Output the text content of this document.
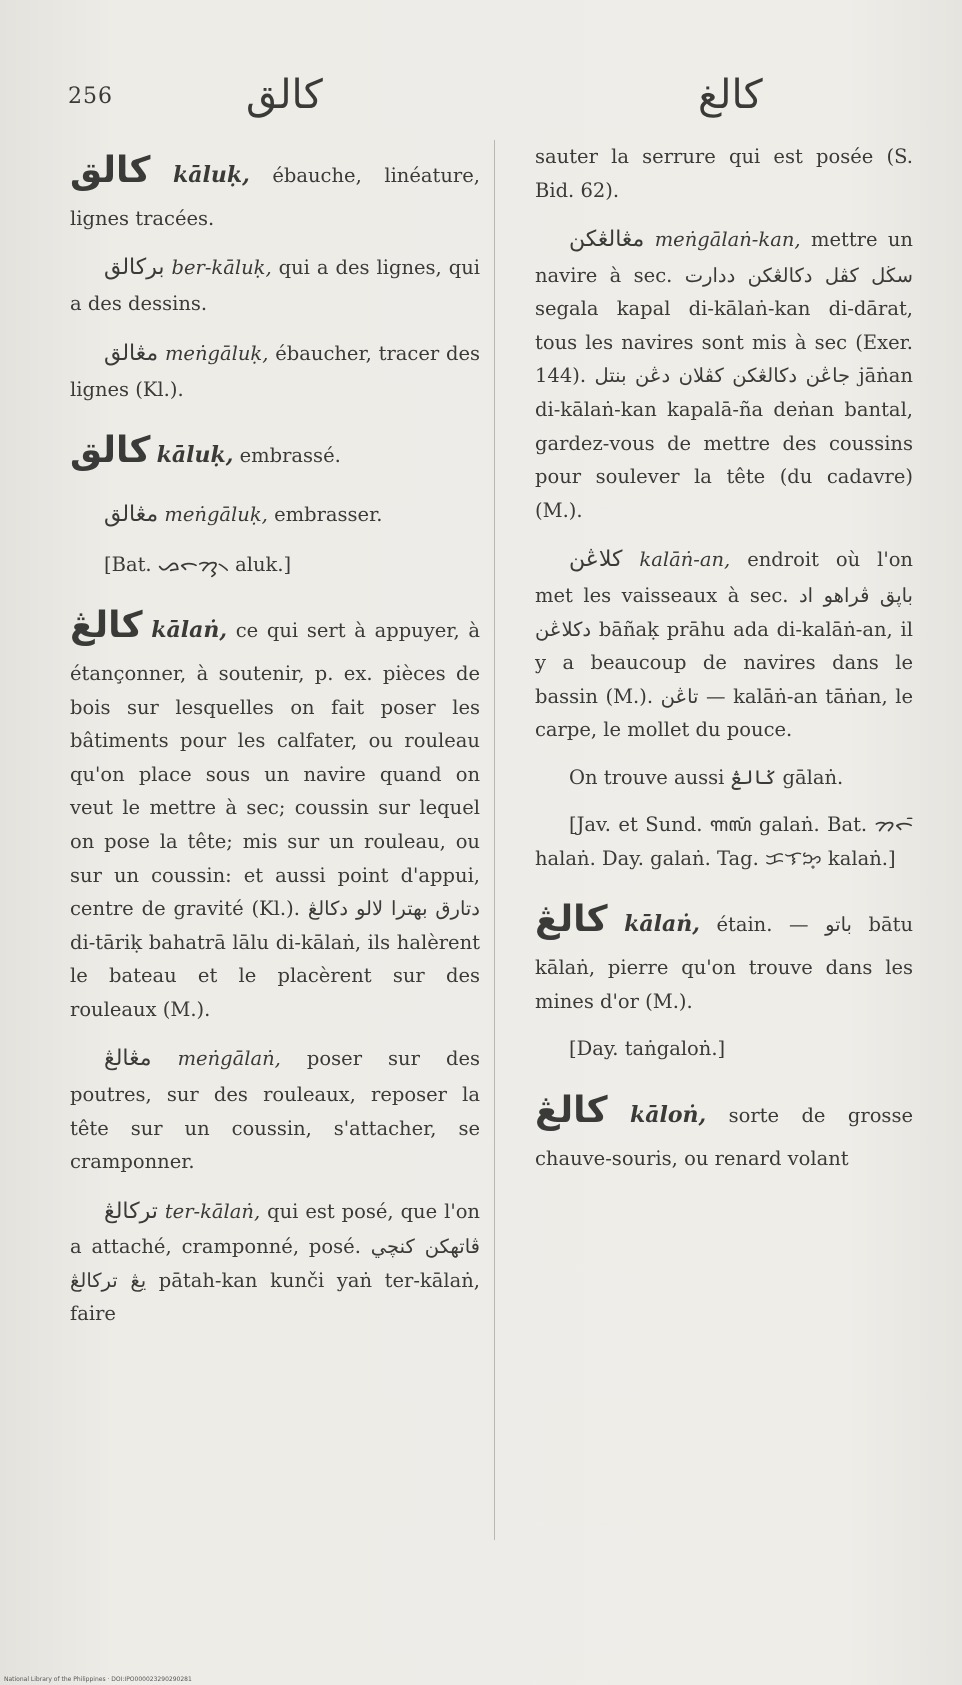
256	كالق	كالغ

كالق kāluḳ, ébauche, linéature, lignes tracées.

بركالق ber-kāluḳ, qui a des lignes, qui a des dessins.

مڠالق meṅgāluḳ, ébaucher, tracer des lignes (Kl.).

كالق kāluḳ, embrassé.

مڠالق meṅgāluḳ, embrasser.

[Bat. ᯀᯞᯮᯂ᯲ aluk.]

كالڠ kālaṅ, ce qui sert à appuyer, à étançonner, à soutenir, p. ex. pièces de bois sur lesquelles on fait poser les bâtiments pour les calfater, ou rouleau qu'on place sous un navire quand on veut le mettre à sec; coussin sur lequel on pose la tête; mis sur un rouleau, ou sur un coussin: et aussi point d'appui, centre de gravité (Kl.). دتارق بهترا لالو دكالڠ di-tāriḳ bahatrā lālu di-kālaṅ, ils halèrent le bateau et le placèrent sur des rouleaux (M.).

مڠالڠ meṅgālaṅ, poser sur des poutres, sur des rouleaux, reposer la tête sur un coussin, s'attacher, se cramponner.

تركالڠ ter-kālaṅ, qui est posé, que l'on a attaché, cramponné, posé. ڤاتهكن كنچي يڠ تركالڠ pātah-kan kunči yaṅ ter-kālaṅ, faire

sauter la serrure qui est posée (S. Bid. 62).

مڠالڠكن meṅgālaṅ-kan, mettre un navire à sec. سڬل كڤل دكالڠكن ددارت segala kapal di-kālaṅ-kan di-dārat, tous les navires sont mis à sec (Exer. 144). جاڠن دكالڠكن كڤلان دڠن بنتل jāṅan di-kālaṅ-kan kapalā-ña deṅan bantal, gardez-vous de mettre des coussins pour soulever la tête (du cadavre) (M.).

كلاڠن kalāṅ-an, endroit où l'on met les vaisseaux à sec. باپق ڤراهو اد دكلاڠن bāñaḳ prāhu ada di-kalāṅ-an, il y a beaucoup de navires dans le bassin (M.). تاڠن — kalāṅ-an tāṅan, le carpe, le mollet du pouce.

On trouve aussi ݢالڠ gālaṅ.

[Jav. et Sund. ꦒꦭꦁ galaṅ. Bat. ᯂᯞᯰ halaṅ. Day. galaṅ. Tag. ᜃᜎᜅ᜔ kalaṅ.]

كالڠ kālaṅ, étain. — باتو bātu kālaṅ, pierre qu'on trouve dans les mines d'or (M.).

[Day. taṅgaloṅ.]

كالڠ kāloṅ, sorte de grosse chauve-souris, ou renard volant

National Library of the Philippines · DOI:IPO000023290290281
